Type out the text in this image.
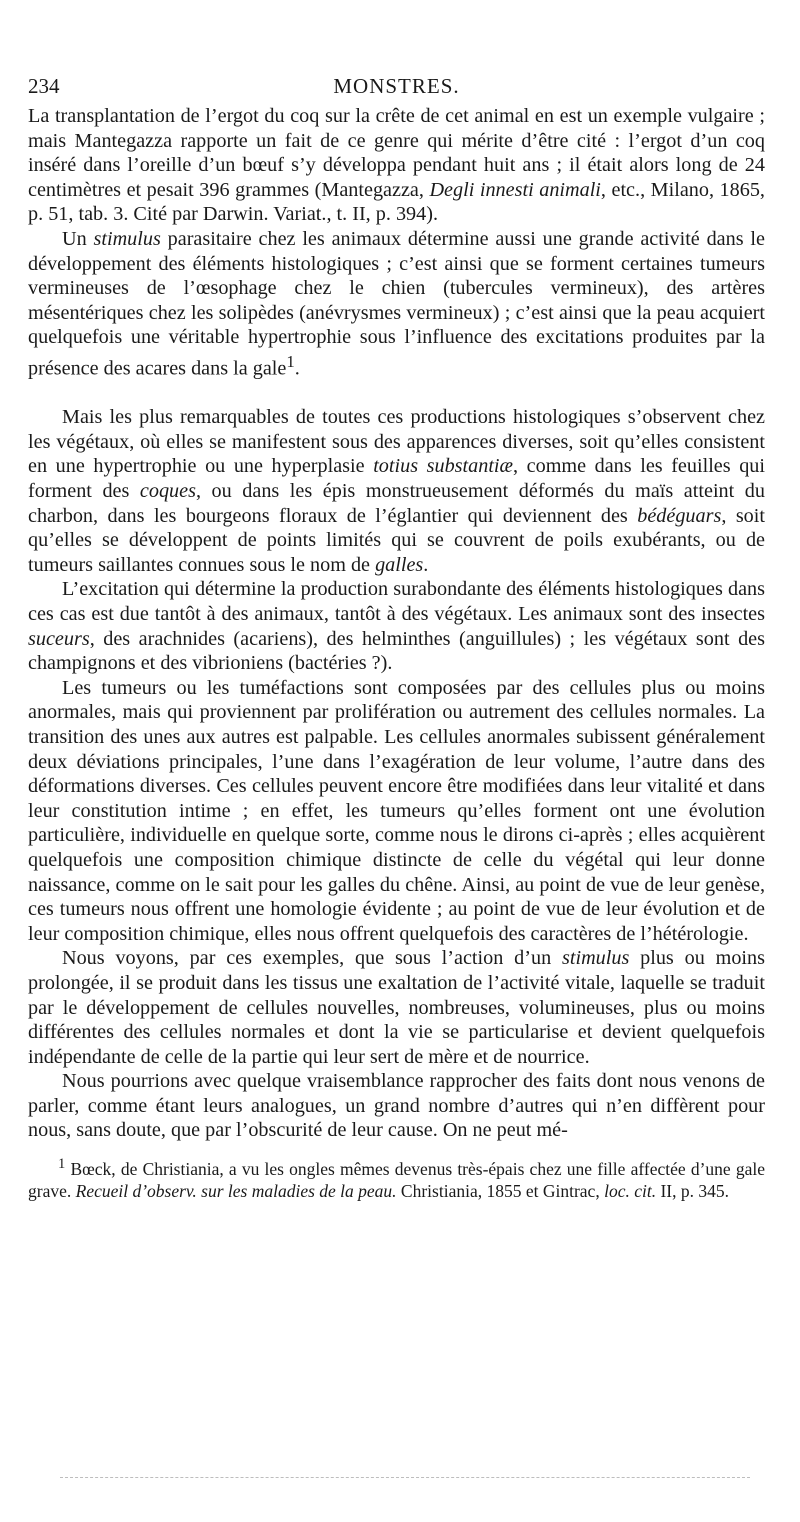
234	MONSTRES.

La transplantation de l’ergot du coq sur la crête de cet animal en est un exemple vulgaire ; mais Mantegazza rapporte un fait de ce genre qui mérite d’être cité : l’ergot d’un coq inséré dans l’oreille d’un bœuf s’y développa pendant huit ans ; il était alors long de 24 centimètres et pesait 396 grammes (Mantegazza, Degli innesti animali, etc., Milano, 1865, p. 51, tab. 3. Cité par Darwin. Variat., t. II, p. 394).

Un stimulus parasitaire chez les animaux détermine aussi une grande activité dans le développement des éléments histologiques ; c’est ainsi que se forment certaines tumeurs vermineuses de l’œsophage chez le chien (tubercules vermineux), des artères mésentériques chez les solipèdes (anévrysmes vermineux) ; c’est ainsi que la peau acquiert quelquefois une véritable hypertrophie sous l’influence des excitations produites par la présence des acares dans la gale$^1$.

Mais les plus remarquables de toutes ces productions histologiques s’observent chez les végétaux, où elles se manifestent sous des apparences diverses, soit qu’elles consistent en une hypertrophie ou une hyperplasie totius substantiæ, comme dans les feuilles qui forment des coques, ou dans les épis monstrueusement déformés du maïs atteint du charbon, dans les bourgeons floraux de l’églantier qui deviennent des bédéguars, soit qu’elles se développent de points limités qui se couvrent de poils exubérants, ou de tumeurs saillantes connues sous le nom de galles.

L’excitation qui détermine la production surabondante des éléments histologiques dans ces cas est due tantôt à des animaux, tantôt à des végétaux. Les animaux sont des insectes suceurs, des arachnides (acariens), des helminthes (anguillules) ; les végétaux sont des champignons et des vibrioniens (bactéries ?).

Les tumeurs ou les tuméfactions sont composées par des cellules plus ou moins anormales, mais qui proviennent par prolifération ou autrement des cellules normales. La transition des unes aux autres est palpable. Les cellules anormales subissent généralement deux déviations principales, l’une dans l’exagération de leur volume, l’autre dans des déformations diverses. Ces cellules peuvent encore être modifiées dans leur vitalité et dans leur constitution intime ; en effet, les tumeurs qu’elles forment ont une évolution particulière, individuelle en quelque sorte, comme nous le dirons ci-après ; elles acquièrent quelquefois une composition chimique distincte de celle du végétal qui leur donne naissance, comme on le sait pour les galles du chêne. Ainsi, au point de vue de leur genèse, ces tumeurs nous offrent une homologie évidente ; au point de vue de leur évolution et de leur composition chimique, elles nous offrent quelquefois des caractères de l’hétérologie.

Nous voyons, par ces exemples, que sous l’action d’un stimulus plus ou moins prolongée, il se produit dans les tissus une exaltation de l’activité vitale, laquelle se traduit par le développement de cellules nouvelles, nombreuses, volumineuses, plus ou moins différentes des cellules normales et dont la vie se particularise et devient quelquefois indépendante de celle de la partie qui leur sert de mère et de nourrice.

Nous pourrions avec quelque vraisemblance rapprocher des faits dont nous venons de parler, comme étant leurs analogues, un grand nombre d’autres qui n’en diffèrent pour nous, sans doute, que par l’obscurité de leur cause. On ne peut mé-

$^1$ Bœck, de Christiania, a vu les ongles mêmes devenus très-épais chez une fille affectée d’une gale grave. Recueil d’observ. sur les maladies de la peau. Christiania, 1855 et Gintrac, loc. cit. II, p. 345.
